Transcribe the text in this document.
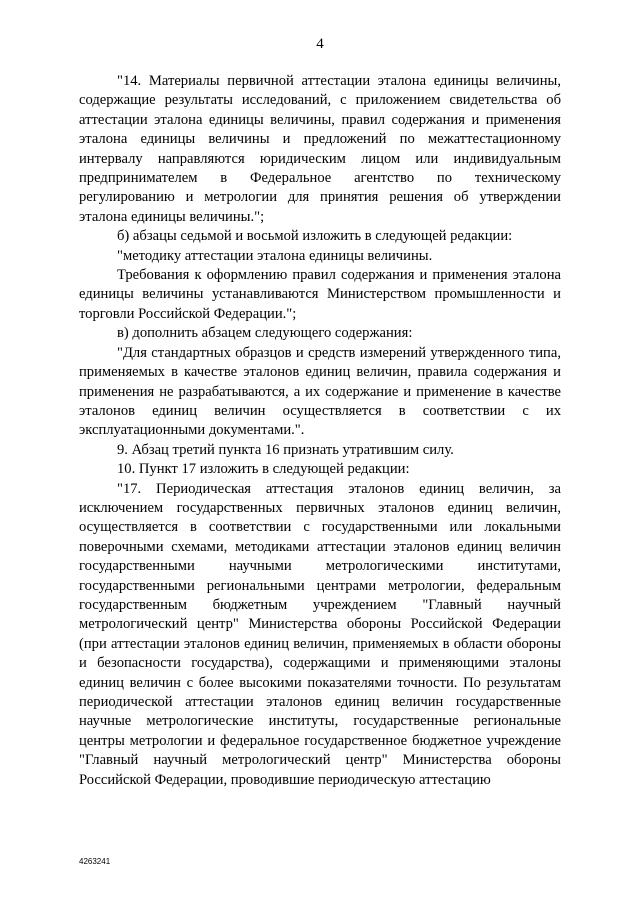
4

"14. Материалы первичной аттестации эталона единицы величины, содержащие результаты исследований, с приложением свидетельства об аттестации эталона единицы величины, правил содержания и применения эталона единицы величины и предложений по межаттестационному интервалу направляются юридическим лицом или индивидуальным предпринимателем в Федеральное агентство по техническому регулированию и метрологии для принятия решения об утверждении эталона единицы величины.";

б) абзацы седьмой и восьмой изложить в следующей редакции:

"методику аттестации эталона единицы величины.

Требования к оформлению правил содержания и применения эталона единицы величины устанавливаются Министерством промышленности и торговли Российской Федерации.";

в) дополнить абзацем следующего содержания:

"Для стандартных образцов и средств измерений утвержденного типа, применяемых в качестве эталонов единиц величин, правила содержания и применения не разрабатываются, а их содержание и применение в качестве эталонов единиц величин осуществляется в соответствии с их эксплуатационными документами.".

9. Абзац третий пункта 16 признать утратившим силу.

10. Пункт 17 изложить в следующей редакции:

"17. Периодическая аттестация эталонов единиц величин, за исключением государственных первичных эталонов единиц величин, осуществляется в соответствии с государственными или локальными поверочными схемами, методиками аттестации эталонов единиц величин государственными научными метрологическими институтами, государственными региональными центрами метрологии, федеральным государственным бюджетным учреждением "Главный научный метрологический центр" Министерства обороны Российской Федерации (при аттестации эталонов единиц величин, применяемых в области обороны и безопасности государства), содержащими и применяющими эталоны единиц величин с более высокими показателями точности. По результатам периодической аттестации эталонов единиц величин государственные научные метрологические институты, государственные региональные центры метрологии и федеральное государственное бюджетное учреждение "Главный научный метрологический центр" Министерства обороны Российской Федерации, проводившие периодическую аттестацию

4263241
